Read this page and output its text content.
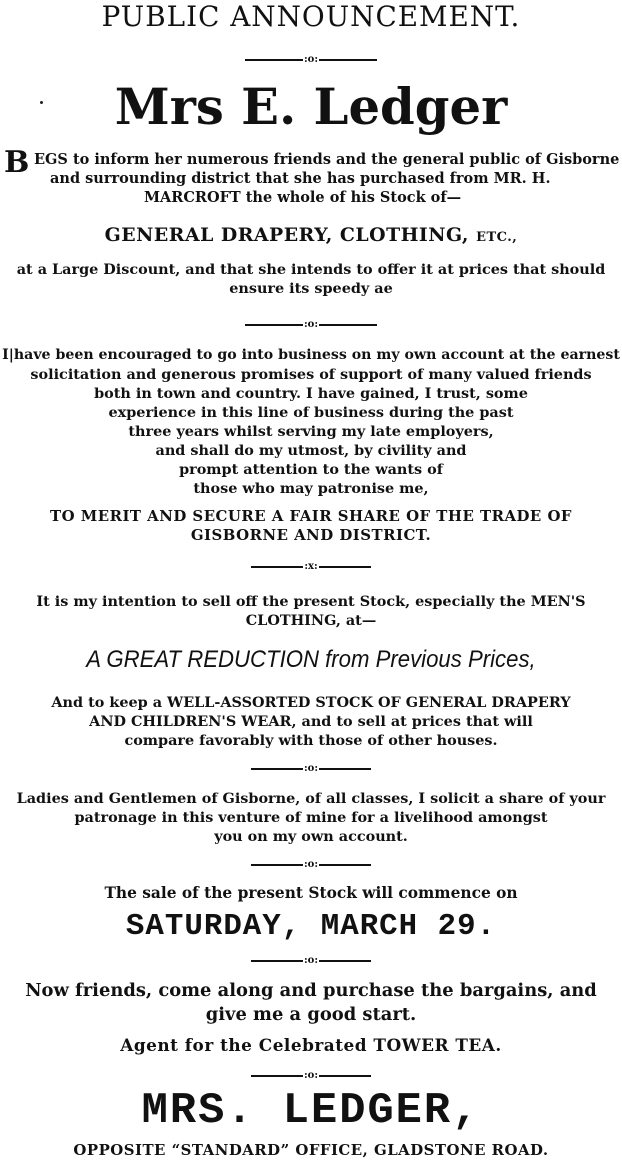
PUBLIC ANNOUNCEMENT.
:o:
Mrs E. Ledger
B EGS to inform her numerous friends and the general public of Gisborne
and surrounding district that she has purchased from MR. H.
MARCROFT the whole of his Stock of—
GENERAL DRAPERY, CLOTHING, ETC.,
at a Large Discount, and that she intends to offer it at prices that should
ensure its speedy ae
:o:
I|have been encouraged to go into business on my own account at the earnest
solicitation and generous promises of support of many valued friends
both in town and country. I have gained, I trust, some
experience in this line of business during the past
three years whilst serving my late employers,
and shall do my utmost, by civility and
prompt attention to the wants of
those who may patronise me,
TO MERIT AND SECURE A FAIR SHARE OF THE TRADE OF
GISBORNE AND DISTRICT.
:x:
It is my intention to sell off the present Stock, especially the MEN'S
CLOTHING, at—
A GREAT REDUCTION from Previous Prices,
And to keep a WELL-ASSORTED STOCK OF GENERAL DRAPERY
AND CHILDREN'S WEAR, and to sell at prices that will
compare favorably with those of other houses.
:o:
Ladies and Gentlemen of Gisborne, of all classes, I solicit a share of your
patronage in this venture of mine for a livelihood amongst
you on my own account.
:o:
The sale of the present Stock will commence on
SATURDAY, MARCH 29.
:o:
Now friends, come along and purchase the bargains, and
give me a good start.
Agent for the Celebrated TOWER TEA.
:o:
MRS. LEDGER,
OPPOSITE “STANDARD” OFFICE, GLADSTONE ROAD.
